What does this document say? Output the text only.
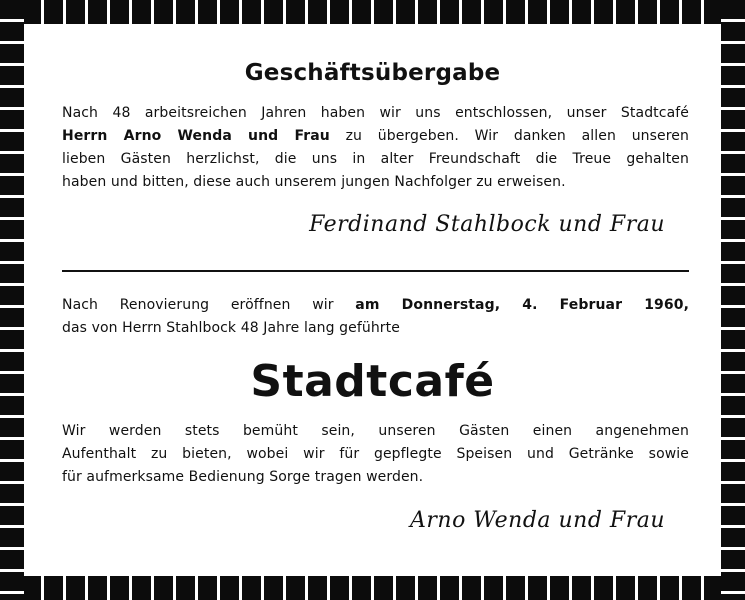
Geschäftsübergabe
Nach 48 arbeitsreichen Jahren haben wir uns entschlossen, unser Stadtcafé
Herrn Arno Wenda und Frau zu übergeben. Wir danken allen unseren
lieben Gästen herzlichst, die uns in alter Freundschaft die Treue gehalten
haben und bitten, diese auch unserem jungen Nachfolger zu erweisen.
Ferdinand Stahlbock und Frau
Nach Renovierung eröffnen wir am Donnerstag, 4. Februar 1960,
das von Herrn Stahlbock 48 Jahre lang geführte
Stadtcafé
Wir werden stets bemüht sein, unseren Gästen einen angenehmen
Aufenthalt zu bieten, wobei wir für gepflegte Speisen und Getränke sowie
für aufmerksame Bedienung Sorge tragen werden.
Arno Wenda und Frau
